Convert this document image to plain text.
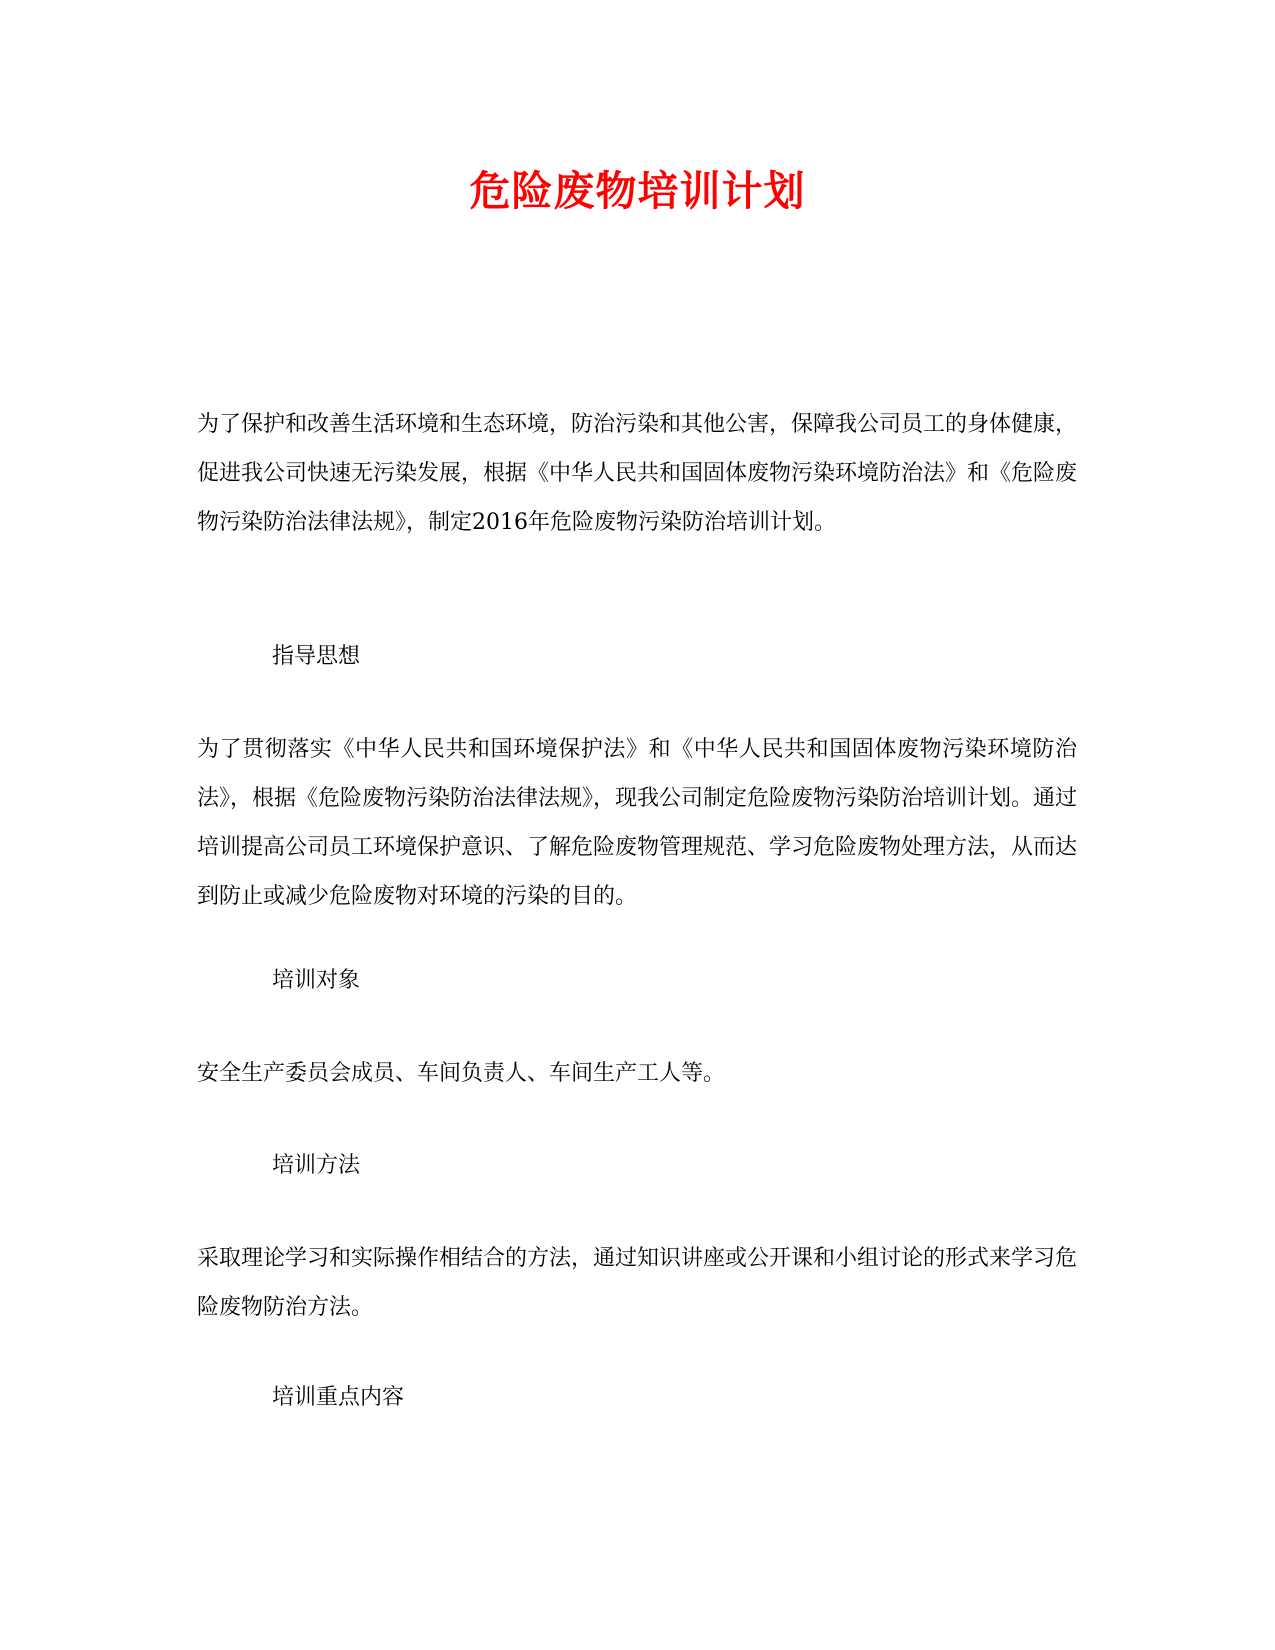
危险废物培训计划

为了保护和改善生活环境和生态环境，防治污染和其他公害，保障我公司员工的身体健康，促进我公司快速无污染发展，根据《中华人民共和国固体废物污染环境防治法》和《危险废物污染防治法律法规》，制定2016年危险废物污染防治培训计划。

指导思想

为了贯彻落实《中华人民共和国环境保护法》和《中华人民共和国固体废物污染环境防治法》，根据《危险废物污染防治法律法规》，现我公司制定危险废物污染防治培训计划。通过培训提高公司员工环境保护意识、了解危险废物管理规范、学习危险废物处理方法，从而达到防止或减少危险废物对环境的污染的目的。

培训对象

安全生产委员会成员、车间负责人、车间生产工人等。

培训方法

采取理论学习和实际操作相结合的方法，通过知识讲座或公开课和小组讨论的形式来学习危险废物防治方法。

培训重点内容
